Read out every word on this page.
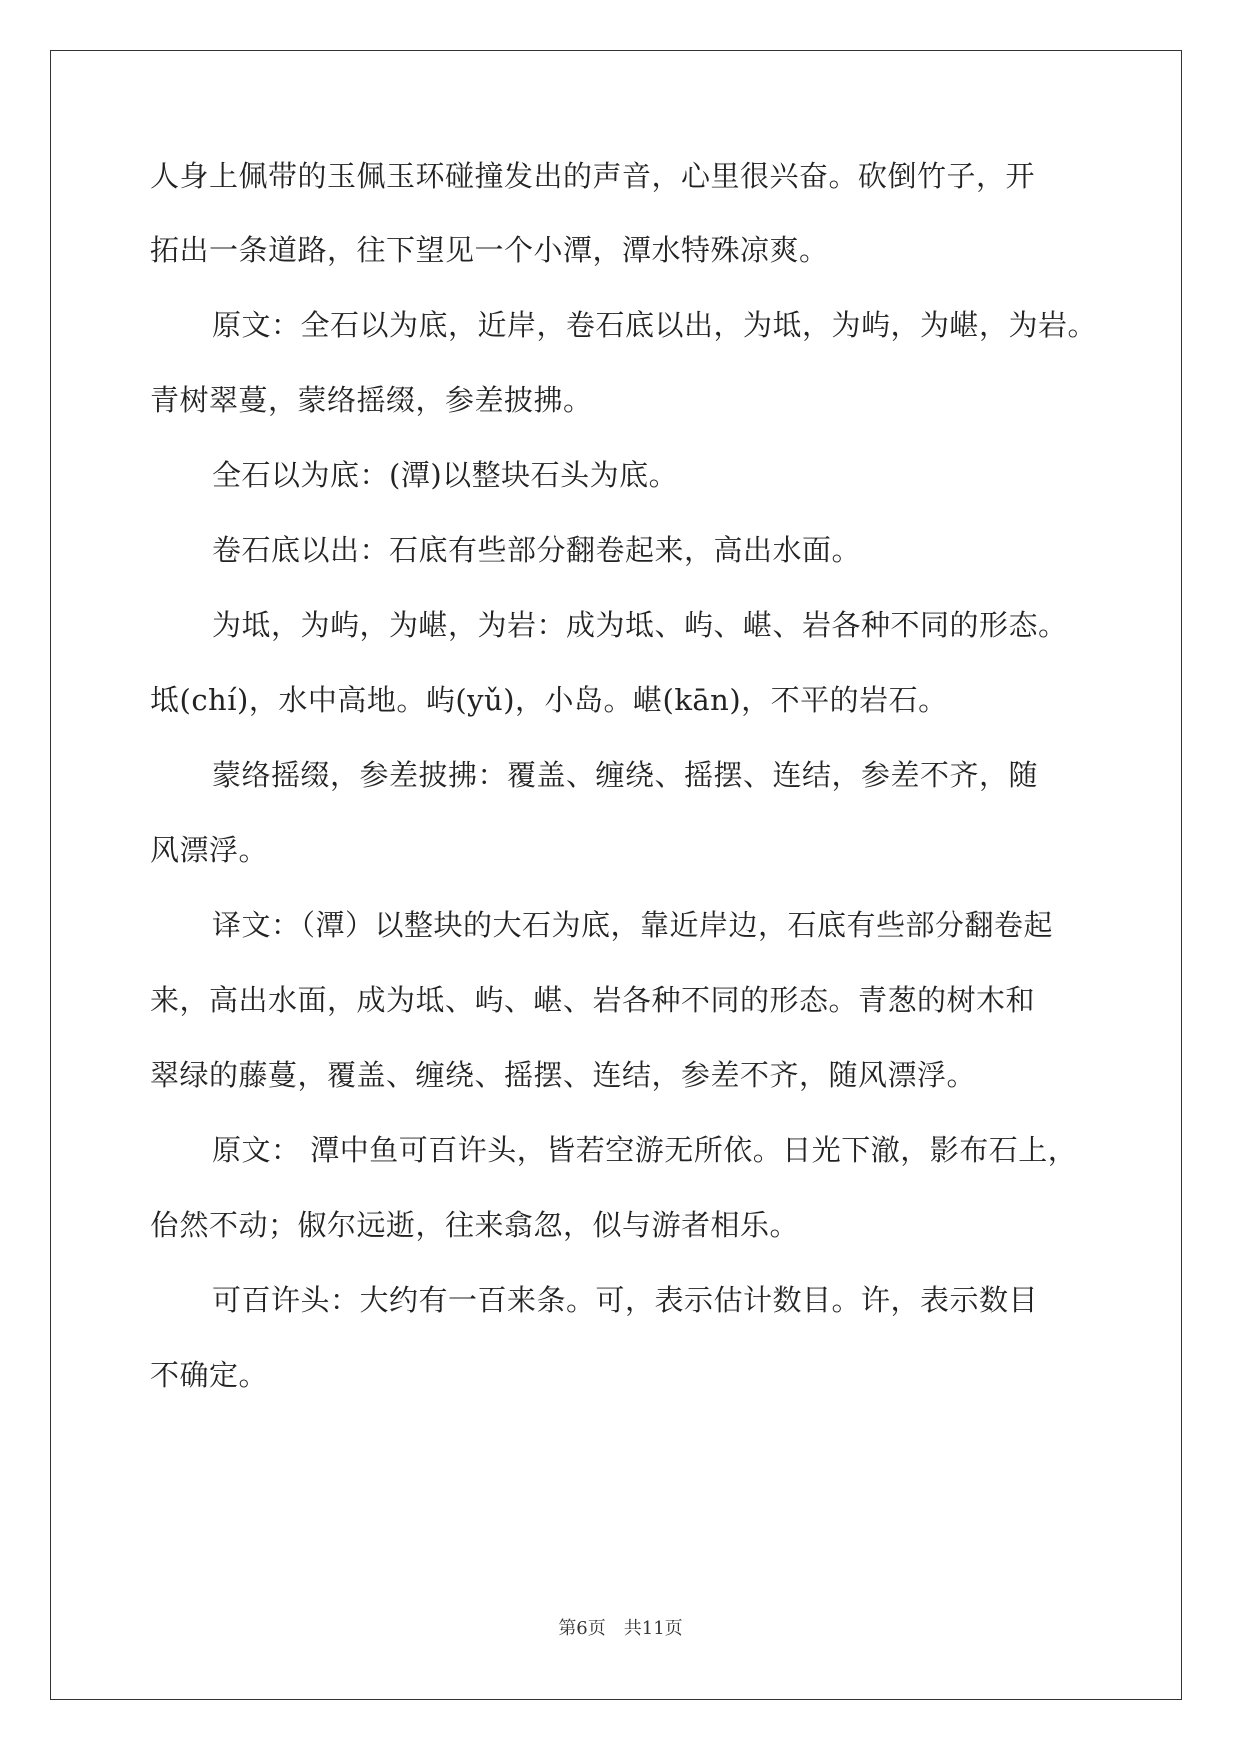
人身上佩带的玉佩玉环碰撞发出的声音，心里很兴奋。砍倒竹子，开
拓出一条道路，往下望见一个小潭，潭水特殊凉爽。
原文：全石以为底，近岸，卷石底以出，为坻，为屿，为嵁，为岩。
青树翠蔓，蒙络摇缀，参差披拂。
全石以为底：(潭)以整块石头为底。
卷石底以出：石底有些部分翻卷起来，高出水面。
为坻，为屿，为嵁，为岩：成为坻、屿、嵁、岩各种不同的形态。
坻(chí)，水中高地。屿(yǔ)，小岛。嵁(kān)，不平的岩石。
蒙络摇缀，参差披拂：覆盖、缠绕、摇摆、连结，参差不齐，随
风漂浮。
译文：（潭）以整块的大石为底，靠近岸边，石底有些部分翻卷起
来，高出水面，成为坻、屿、嵁、岩各种不同的形态。青葱的树木和
翠绿的藤蔓，覆盖、缠绕、摇摆、连结，参差不齐，随风漂浮。
原文： 潭中鱼可百许头，皆若空游无所依。日光下澈，影布石上，
佁然不动；俶尔远逝，往来翕忽，似与游者相乐。
可百许头：大约有一百来条。可，表示估计数目。许，表示数目
不确定。
第6页　共11页
